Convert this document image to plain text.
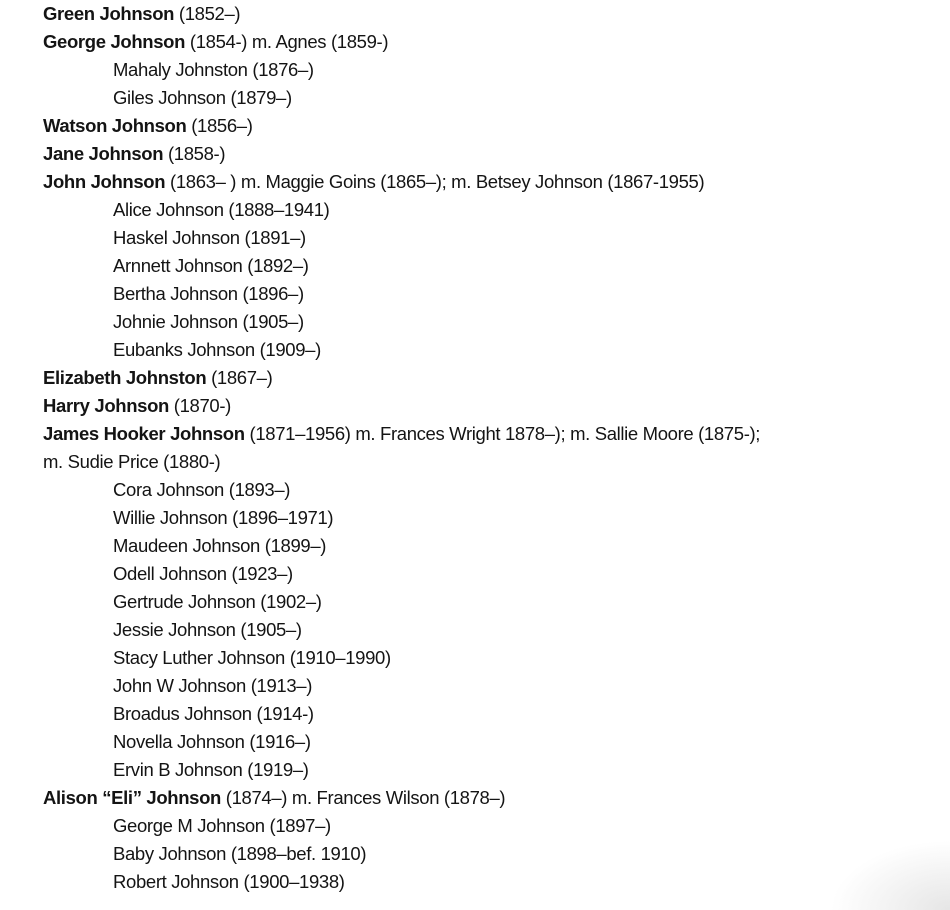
Green Johnson (1852–)
George Johnson (1854-) m. Agnes (1859-)
Mahaly Johnston (1876–)
Giles Johnson (1879–)
Watson Johnson (1856–)
Jane Johnson (1858-)
John Johnson (1863– ) m. Maggie Goins (1865–); m. Betsey Johnson (1867-1955)
Alice Johnson (1888–1941)
Haskel Johnson (1891–)
Arnnett Johnson (1892–)
Bertha Johnson (1896–)
Johnie Johnson (1905–)
Eubanks Johnson (1909–)
Elizabeth Johnston (1867–)
Harry Johnson (1870-)
James Hooker Johnson (1871–1956) m. Frances Wright 1878–); m. Sallie Moore (1875-);
m. Sudie Price (1880-)
Cora Johnson (1893–)
Willie Johnson (1896–1971)
Maudeen Johnson (1899–)
Odell Johnson (1923–)
Gertrude Johnson (1902–)
Jessie Johnson (1905–)
Stacy Luther Johnson (1910–1990)
John W Johnson (1913–)
Broadus Johnson (1914-)
Novella Johnson (1916–)
Ervin B Johnson (1919–)
Alison “Eli” Johnson (1874–) m. Frances Wilson (1878–)
George M Johnson (1897–)
Baby Johnson (1898–bef. 1910)
Robert Johnson (1900–1938)
